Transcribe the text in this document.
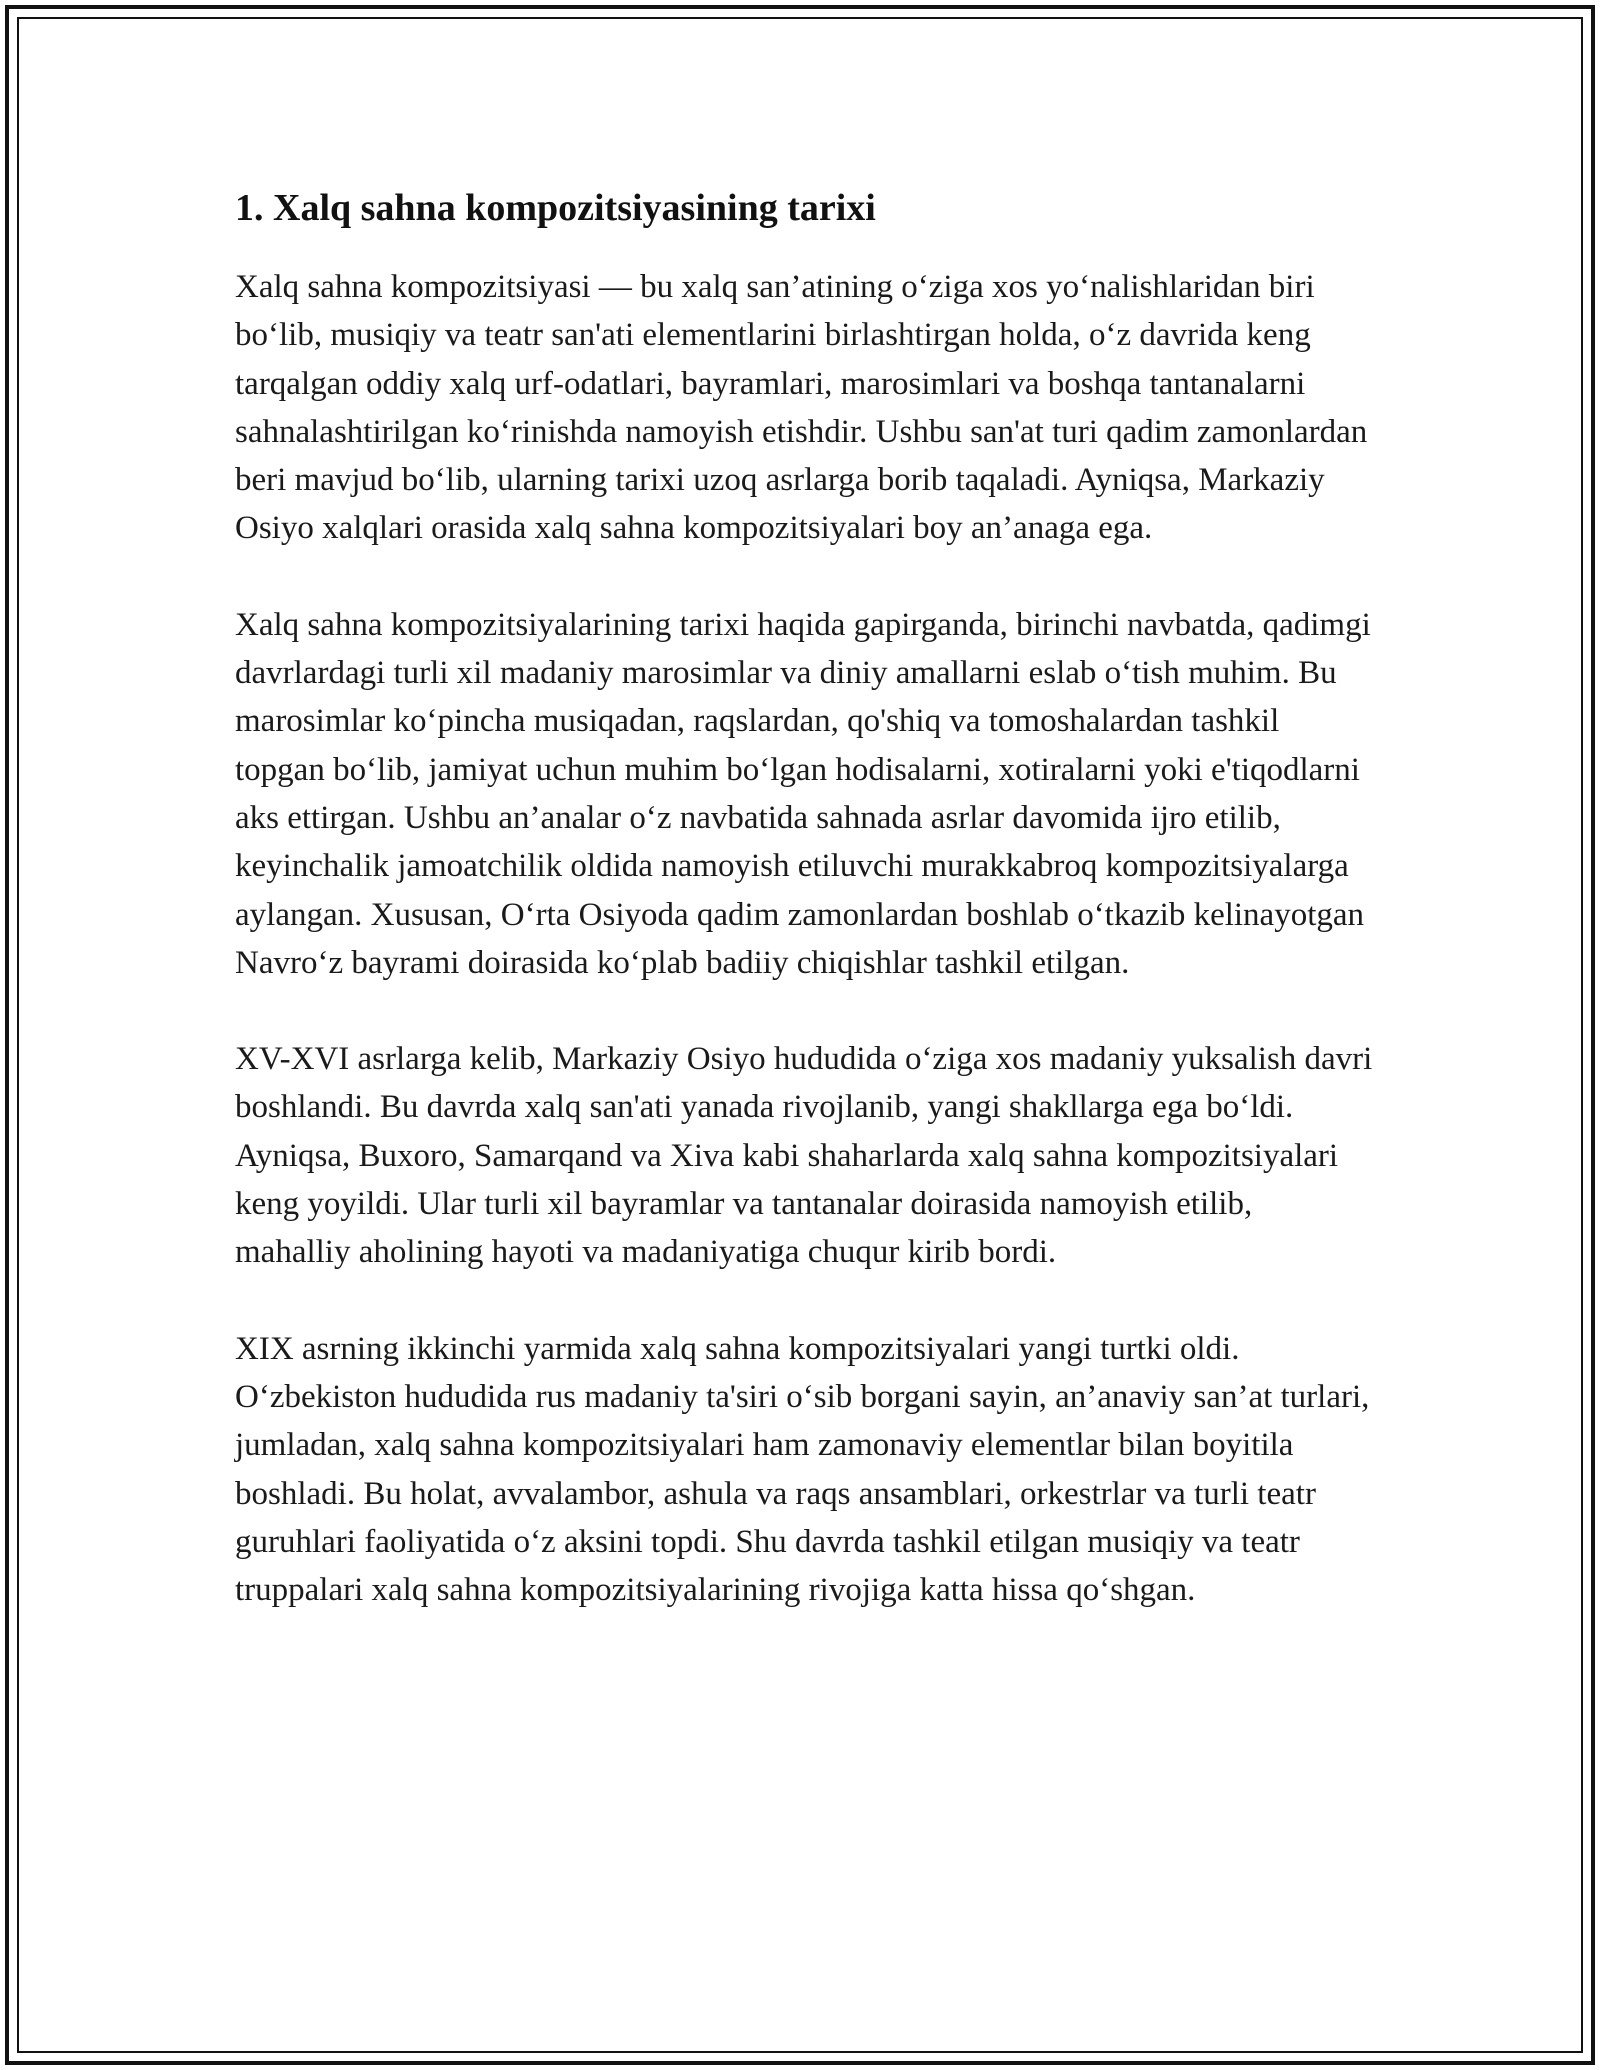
1. Xalq sahna kompozitsiyasining tarixi

Xalq sahna kompozitsiyasi — bu xalq san’atining o‘ziga xos yo‘nalishlaridan biri bo‘lib, musiqiy va teatr san'ati elementlarini birlashtirgan holda, o‘z davrida keng tarqalgan oddiy xalq urf-odatlari, bayramlari, marosimlari va boshqa tantanalarni sahnalashtirilgan ko‘rinishda namoyish etishdir. Ushbu san'at turi qadim zamonlardan beri mavjud bo‘lib, ularning tarixi uzoq asrlarga borib taqaladi. Ayniqsa, Markaziy Osiyo xalqlari orasida xalq sahna kompozitsiyalari boy an’anaga ega.

Xalq sahna kompozitsiyalarining tarixi haqida gapirganda, birinchi navbatda, qadimgi davrlardagi turli xil madaniy marosimlar va diniy amallarni eslab o‘tish muhim. Bu marosimlar ko‘pincha musiqadan, raqslardan, qo'shiq va tomoshalardan tashkil topgan bo‘lib, jamiyat uchun muhim bo‘lgan hodisalarni, xotiralarni yoki e'tiqodlarni aks ettirgan. Ushbu an’analar o‘z navbatida sahnada asrlar davomida ijro etilib, keyinchalik jamoatchilik oldida namoyish etiluvchi murakkabroq kompozitsiyalarga aylangan. Xususan, O‘rta Osiyoda qadim zamonlardan boshlab o‘tkazib kelinayotgan Navro‘z bayrami doirasida ko‘plab badiiy chiqishlar tashkil etilgan.

XV-XVI asrlarga kelib, Markaziy Osiyo hududida o‘ziga xos madaniy yuksalish davri boshlandi. Bu davrda xalq san'ati yanada rivojlanib, yangi shakllarga ega bo‘ldi. Ayniqsa, Buxoro, Samarqand va Xiva kabi shaharlarda xalq sahna kompozitsiyalari keng yoyildi. Ular turli xil bayramlar va tantanalar doirasida namoyish etilib, mahalliy aholining hayoti va madaniyatiga chuqur kirib bordi.

XIX asrning ikkinchi yarmida xalq sahna kompozitsiyalari yangi turtki oldi. O‘zbekiston hududida rus madaniy ta'siri o‘sib borgani sayin, an’anaviy san’at turlari, jumladan, xalq sahna kompozitsiyalari ham zamonaviy elementlar bilan boyitila boshladi. Bu holat, avvalambor, ashula va raqs ansamblari, orkestrlar va turli teatr guruhlari faoliyatida o‘z aksini topdi. Shu davrda tashkil etilgan musiqiy va teatr truppalari xalq sahna kompozitsiyalarining rivojiga katta hissa qo‘shgan.
